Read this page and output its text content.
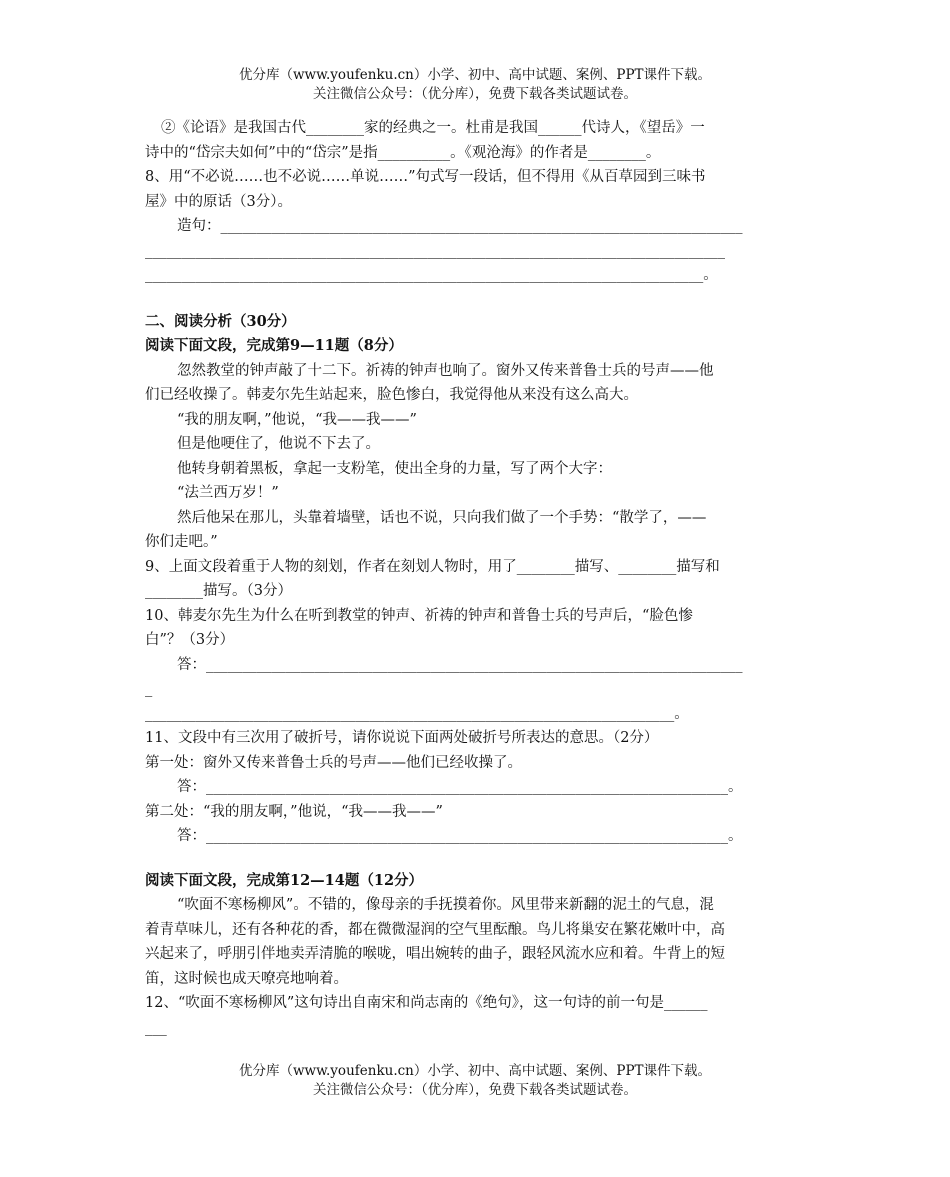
优分库（www.youfenku.cn）小学、初中、高中试题、案例、PPT课件下载。
关注微信公众号：（优分库），免费下载各类试题试卷。

②《论语》是我国古代________家的经典之一。杜甫是我国______代诗人，《望岳》一

诗中的“岱宗夫如何”中的“岱宗”是指__________。《观沧海》的作者是________。

8、用“不必说……也不必说……单说……”句式写一段话，但不得用《从百草园到三味书

屋》中的原话（3分）。

造句：________________________________________________________________________

________________________________________________________________________________

_____________________________________________________________________________。

二、阅读分析（30分）

阅读下面文段，完成第9—11题（8分）

忽然教堂的钟声敲了十二下。祈祷的钟声也响了。窗外又传来普鲁士兵的号声——他

们已经收操了。韩麦尔先生站起来，脸色惨白，我觉得他从来没有这么高大。

“我的朋友啊，”他说，“我——我——”

但是他哽住了，他说不下去了。

他转身朝着黑板，拿起一支粉笔，使出全身的力量，写了两个大字：

“法兰西万岁！”

然后他呆在那儿，头靠着墙壁，话也不说，只向我们做了一个手势：“散学了，——

你们走吧。”

9、上面文段着重于人物的刻划，作者在刻划人物时，用了________描写、________描写和

________描写。（3分）

10、韩麦尔先生为什么在听到教堂的钟声、祈祷的钟声和普鲁士兵的号声后，“脸色惨

白”？（3分）

答：__________________________________________________________________________

_

_________________________________________________________________________。

11、文段中有三次用了破折号，请你说说下面两处破折号所表达的意思。（2分）

第一处：窗外又传来普鲁士兵的号声——他们已经收操了。

答：________________________________________________________________________。

第二处：“我的朋友啊，”他说，“我——我——”

答：________________________________________________________________________。

阅读下面文段，完成第12—14题（12分）

“吹面不寒杨柳风”。不错的，像母亲的手抚摸着你。风里带来新翻的泥土的气息，混

着青草味儿，还有各种花的香，都在微微湿润的空气里酝酿。鸟儿将巢安在繁花嫩叶中，高

兴起来了，呼朋引伴地卖弄清脆的喉咙，唱出婉转的曲子，跟轻风流水应和着。牛背上的短

笛，这时候也成天嘹亮地响着。

12、“吹面不寒杨柳风”这句诗出自南宋和尚志南的《绝句》，这一句诗的前一句是______

___

优分库（www.youfenku.cn）小学、初中、高中试题、案例、PPT课件下载。
关注微信公众号：（优分库），免费下载各类试题试卷。
